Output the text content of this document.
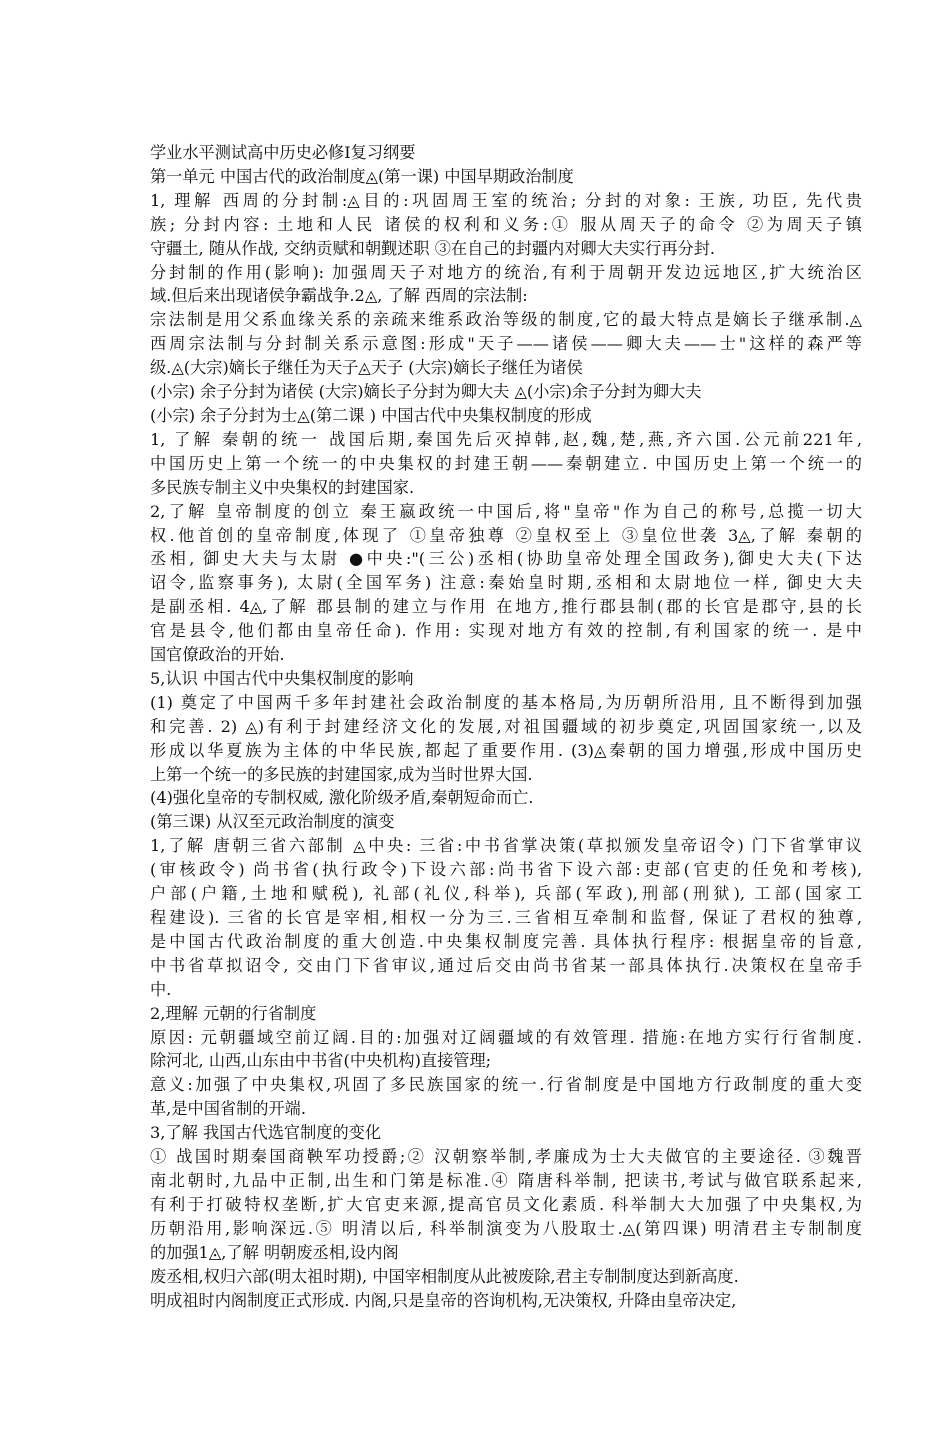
学业水平测试高中历史必修Ⅰ复习纲要

第一单元 中国古代的政治制度◬(第一课) 中国早期政治制度

1, 理解 西周的分封制:◬目的:巩固周王室的统治; 分封的对象: 王族, 功臣, 先代贵

族; 分封内容: 土地和人民 诸侯的权利和义务:① 服从周天子的命令 ②为周天子镇

守疆土, 随从作战, 交纳贡赋和朝觐述职 ③在自己的封疆内对卿大夫实行再分封.

分封制的作用(影响): 加强周天子对地方的统治,有利于周朝开发边远地区,扩大统治区

域.但后来出现诸侯争霸战争.2◬, 了解 西周的宗法制:

宗法制是用父系血缘关系的亲疏来维系政治等级的制度,它的最大特点是嫡长子继承制.◬

西周宗法制与分封制关系示意图:形成"天子——诸侯——卿大夫——士"这样的森严等

级.◬(大宗)嫡长子继任为天子◬天子 (大宗)嫡长子继任为诸侯

(小宗) 余子分封为诸侯 (大宗)嫡长子分封为卿大夫 ◬(小宗)余子分封为卿大夫

(小宗) 余子分封为士◬(第二课 ) 中国古代中央集权制度的形成

1, 了解 秦朝的统一 战国后期,秦国先后灭掉韩,赵,魏,楚,燕,齐六国.公元前221年,

中国历史上第一个统一的中央集权的封建王朝——秦朝建立. 中国历史上第一个统一的

多民族专制主义中央集权的封建国家.

2,了解 皇帝制度的创立 秦王嬴政统一中国后,将"皇帝"作为自己的称号,总揽一切大

权.他首创的皇帝制度,体现了 ①皇帝独尊 ②皇权至上 ③皇位世袭 3◬,了解 秦朝的

丞相, 御史大夫与太尉 ●中央:"(三公)丞相(协助皇帝处理全国政务),御史大夫(下达

诏令,监察事务), 太尉(全国军务) 注意:秦始皇时期,丞相和太尉地位一样, 御史大夫

是副丞相. 4◬,了解 郡县制的建立与作用 在地方,推行郡县制(郡的长官是郡守,县的长

官是县令,他们都由皇帝任命). 作用: 实现对地方有效的控制,有利国家的统一. 是中

国官僚政治的开始.

5,认识 中国古代中央集权制度的影响

(1) 奠定了中国两千多年封建社会政治制度的基本格局,为历朝所沿用, 且不断得到加强

和完善. 2) ◬)有利于封建经济文化的发展,对祖国疆域的初步奠定,巩固国家统一,以及

形成以华夏族为主体的中华民族,都起了重要作用. (3)◬秦朝的国力增强,形成中国历史

上第一个统一的多民族的封建国家,成为当时世界大国.

(4)强化皇帝的专制权威, 激化阶级矛盾,秦朝短命而亡.

(第三课) 从汉至元政治制度的演变

1,了解 唐朝三省六部制 ◬中央: 三省:中书省掌决策(草拟颁发皇帝诏令) 门下省掌审议

(审核政令) 尚书省(执行政令)下设六部:尚书省下设六部:吏部(官吏的任免和考核),

户部(户籍,土地和赋税), 礼部(礼仪,科举), 兵部(军政),刑部(刑狱), 工部(国家工

程建设). 三省的长官是宰相,相权一分为三.三省相互牵制和监督, 保证了君权的独尊,

是中国古代政治制度的重大创造.中央集权制度完善. 具体执行程序: 根据皇帝的旨意,

中书省草拟诏令, 交由门下省审议,通过后交由尚书省某一部具体执行.决策权在皇帝手

中.

2,理解 元朝的行省制度

原因: 元朝疆域空前辽阔.目的:加强对辽阔疆域的有效管理. 措施:在地方实行行省制度.

除河北, 山西,山东由中书省(中央机构)直接管理;

意义:加强了中央集权,巩固了多民族国家的统一.行省制度是中国地方行政制度的重大变

革,是中国省制的开端.

3,了解 我国古代选官制度的变化

① 战国时期秦国商鞅军功授爵;② 汉朝察举制,孝廉成为士大夫做官的主要途径. ③魏晋

南北朝时,九品中正制,出生和门第是标准.④ 隋唐科举制, 把读书,考试与做官联系起来,

有利于打破特权垄断,扩大官吏来源,提高官员文化素质. 科举制大大加强了中央集权,为

历朝沿用,影响深远.⑤ 明清以后, 科举制演变为八股取士.◬(第四课) 明清君主专制制度

的加强1◬,了解 明朝废丞相,设内阁

废丞相,权归六部(明太祖时期), 中国宰相制度从此被废除,君主专制制度达到新高度.

明成祖时内阁制度正式形成. 内阁,只是皇帝的咨询机构,无决策权, 升降由皇帝决定,
